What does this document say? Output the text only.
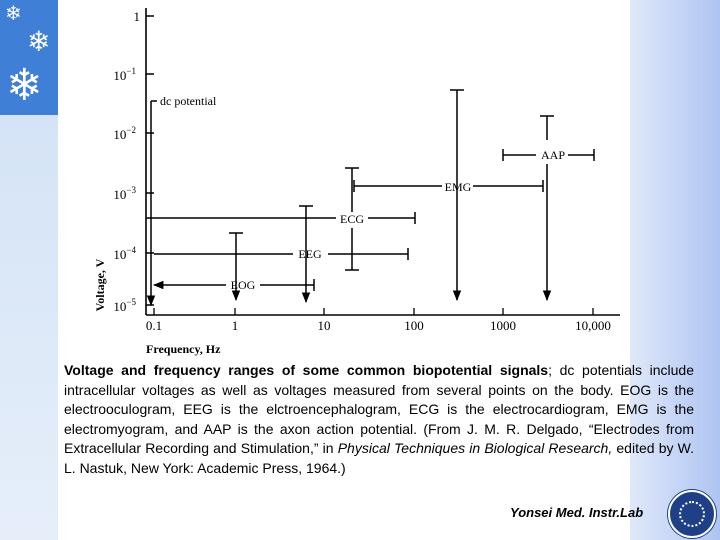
❄
❄
❄
1
$10^{-1}$
$10^{-2}$
$10^{-3}$
$10^{-4}$
$10^{-5}$
0.1	1	10	100	1000	10,000
Voltage, V
Frequency, Hz
dc potential
EOG
EEG
ECG
EMG
AAP

Voltage and frequency ranges of some common biopotential signals; dc potentials include intracellular voltages as well as voltages measured from several points on the body. EOG is the electrooculogram, EEG is the elctroencephalogram, ECG is the electrocardiogram, EMG is the electromyogram, and AAP is the axon action potential. (From J. M. R. Delgado, “Electrodes from Extracellular Recording and Stimulation,” in Physical Techniques in Biological Research, edited by W. L. Nastuk, New York: Academic Press, 1964.)

Yonsei Med. Instr.Lab
